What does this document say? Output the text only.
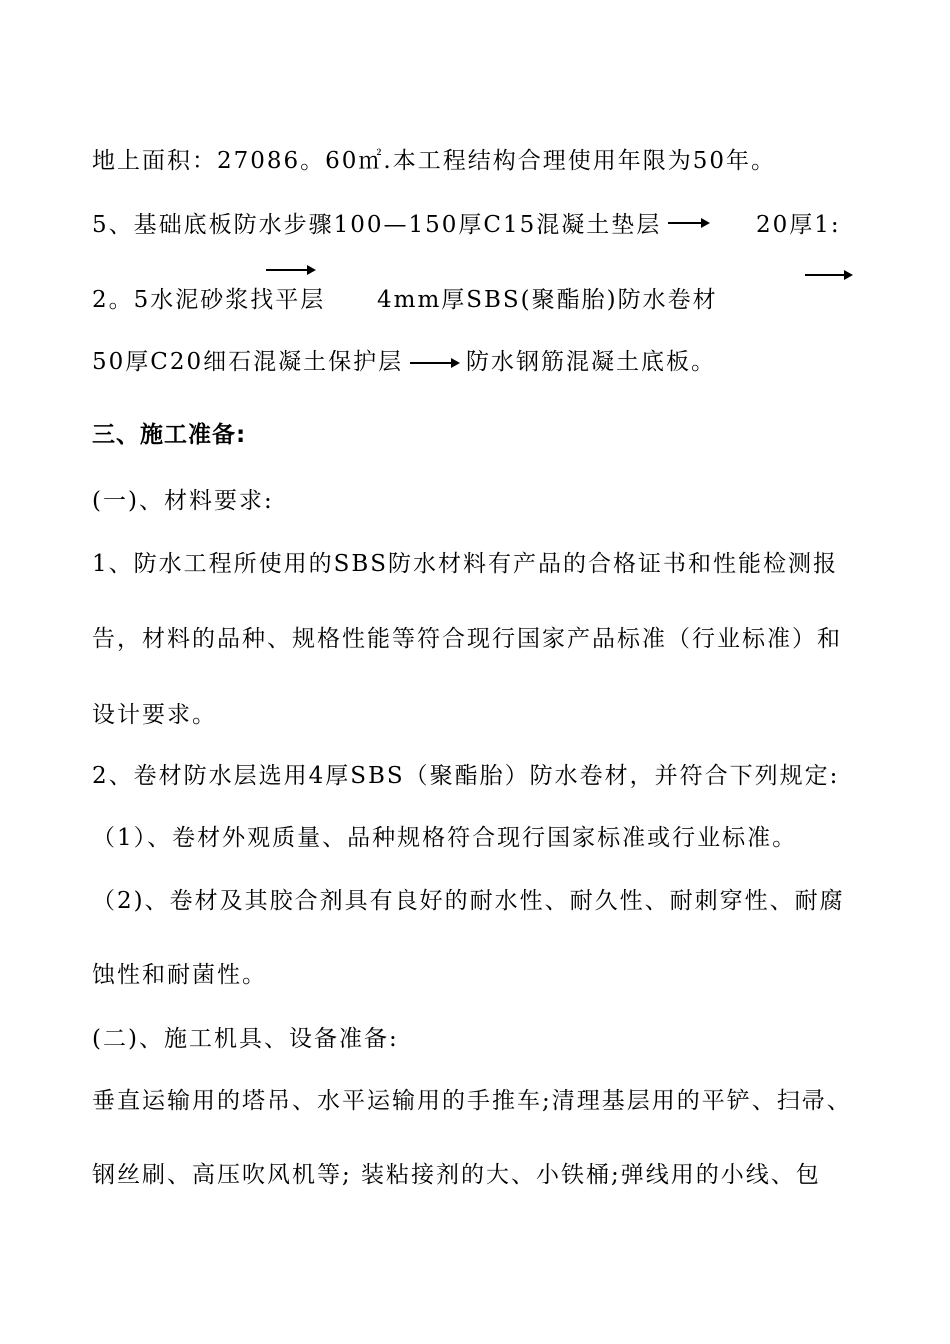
地上面积：27086。60㎡.本工程结构合理使用年限为50年。
5、基础底板防水步骤100—150厚C15混凝土垫层	20厚1:
2。5水泥砂浆找平层 4mm厚SBS(聚酯胎)防水卷材
50厚C20细石混凝土保护层	防水钢筋混凝土底板。
三、施工准备:
(一)、材料要求:
1、防水工程所使用的SBS防水材料有产品的合格证书和性能检测报
告，材料的品种、规格性能等符合现行国家产品标准（行业标准）和
设计要求。
2、卷材防水层选用4厚SBS（聚酯胎）防水卷材，并符合下列规定:
（1）、卷材外观质量、品种规格符合现行国家标准或行业标准。
（2)、卷材及其胶合剂具有良好的耐水性、耐久性、耐刺穿性、耐腐
蚀性和耐菌性。
(二)、施工机具、设备准备:
垂直运输用的塔吊、水平运输用的手推车;清理基层用的平铲、扫帚、
钢丝刷、高压吹风机等; 装粘接剂的大、小铁桶;弹线用的小线、包
